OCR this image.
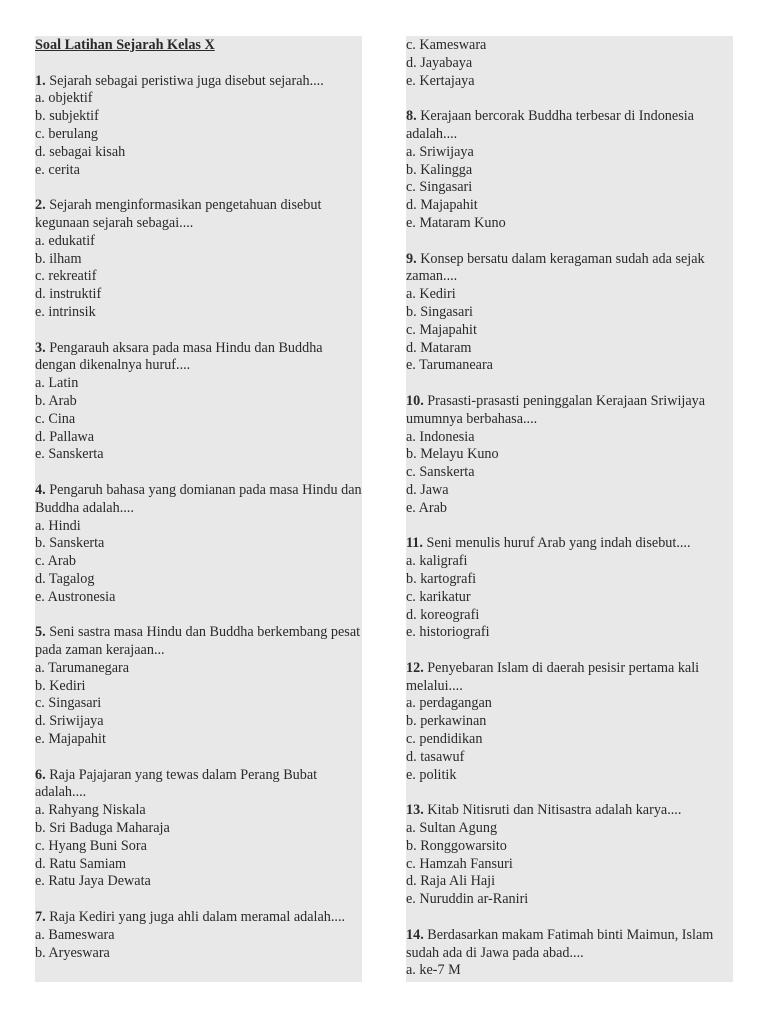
Soal Latihan Sejarah Kelas X

1. Sejarah sebagai peristiwa juga disebut sejarah....

a. objektif

b. subjektif

c. berulang

d. sebagai kisah

e. cerita

2. Sejarah menginformasikan pengetahuan disebut kegunaan sejarah sebagai....

a. edukatif

b. ilham

c. rekreatif

d. instruktif

e. intrinsik

3. Pengarauh aksara pada masa Hindu dan Buddha dengan dikenalnya huruf....

a. Latin

b. Arab

c. Cina

d. Pallawa

e. Sanskerta

4. Pengaruh bahasa yang domianan pada masa Hindu dan Buddha adalah....

a. Hindi

b. Sanskerta

c. Arab

d. Tagalog

e. Austronesia

5. Seni sastra masa Hindu dan Buddha berkembang pesat pada zaman kerajaan...

a. Tarumanegara

b. Kediri

c. Singasari

d. Sriwijaya

e. Majapahit

6. Raja Pajajaran yang tewas dalam Perang Bubat adalah....

a. Rahyang Niskala

b. Sri Baduga Maharaja

c. Hyang Buni Sora

d. Ratu Samiam

e. Ratu Jaya Dewata

7. Raja Kediri yang juga ahli dalam meramal adalah....

a. Bameswara

b. Aryeswara

c. Kameswara

d. Jayabaya

e. Kertajaya

8. Kerajaan bercorak Buddha terbesar di Indonesia adalah....

a. Sriwijaya

b. Kalingga

c. Singasari

d. Majapahit

e. Mataram Kuno

9. Konsep bersatu dalam keragaman sudah ada sejak zaman....

a. Kediri

b. Singasari

c. Majapahit

d. Mataram

e. Tarumaneara

10. Prasasti-prasasti peninggalan Kerajaan Sriwijaya umumnya berbahasa....

a. Indonesia

b. Melayu Kuno

c. Sanskerta

d. Jawa

e. Arab

11. Seni menulis huruf Arab yang indah disebut....

a. kaligrafi

b. kartografi

c. karikatur

d. koreografi

e. historiografi

12. Penyebaran Islam di daerah pesisir pertama kali melalui....

a. perdagangan

b. perkawinan

c. pendidikan

d. tasawuf

e. politik

13. Kitab Nitisruti dan Nitisastra adalah karya....

a. Sultan Agung

b. Ronggowarsito

c. Hamzah Fansuri

d. Raja Ali Haji

e. Nuruddin ar-Raniri

14. Berdasarkan makam Fatimah binti Maimun, Islam sudah ada di Jawa pada abad....

a. ke-7 M
